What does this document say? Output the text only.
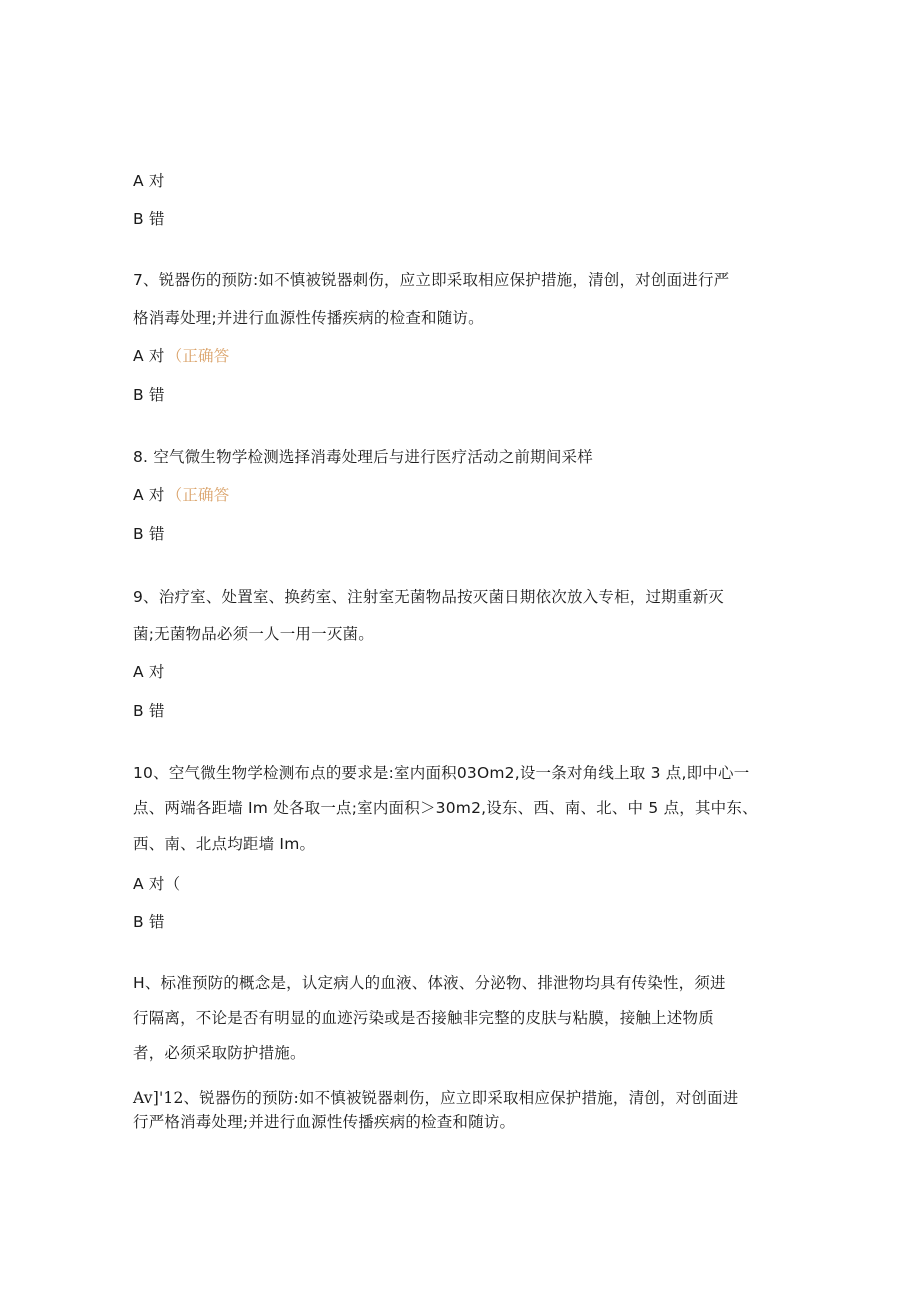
A 对
B 错
7、锐器伤的预防:如不慎被锐器刺伤，应立即采取相应保护措施，清创，对创面进行严
格消毒处理;并进行血源性传播疾病的检查和随访。
A 对 （正确答
B 错
8. 空气微生物学检测选择消毒处理后与进行医疗活动之前期间采样
A 对 （正确答
B 错
9、治疗室、处置室、换药室、注射室无菌物品按灭菌日期依次放入专柜，过期重新灭
菌;无菌物品必须一人一用一灭菌。
A 对
B 错
10、空气微生物学检测布点的要求是:室内面积03Om2,设一条对角线上取 3 点,即中心一
点、两端各距墙 Im 处各取一点;室内面积＞30m2,设东、西、南、北、中 5 点，其中东、
西、南、北点均距墙 Im。
A 对（
B 错
H、标准预防的概念是，认定病人的血液、体液、分泌物、排泄物均具有传染性，须进
行隔离，不论是否有明显的血迹污染或是否接触非完整的皮肤与粘膜，接触上述物质
者，必须采取防护措施。
Av]'12、锐器伤的预防:如不慎被锐器刺伤，应立即采取相应保护措施，清创，对创面进
行严格消毒处理;并进行血源性传播疾病的检查和随访。
